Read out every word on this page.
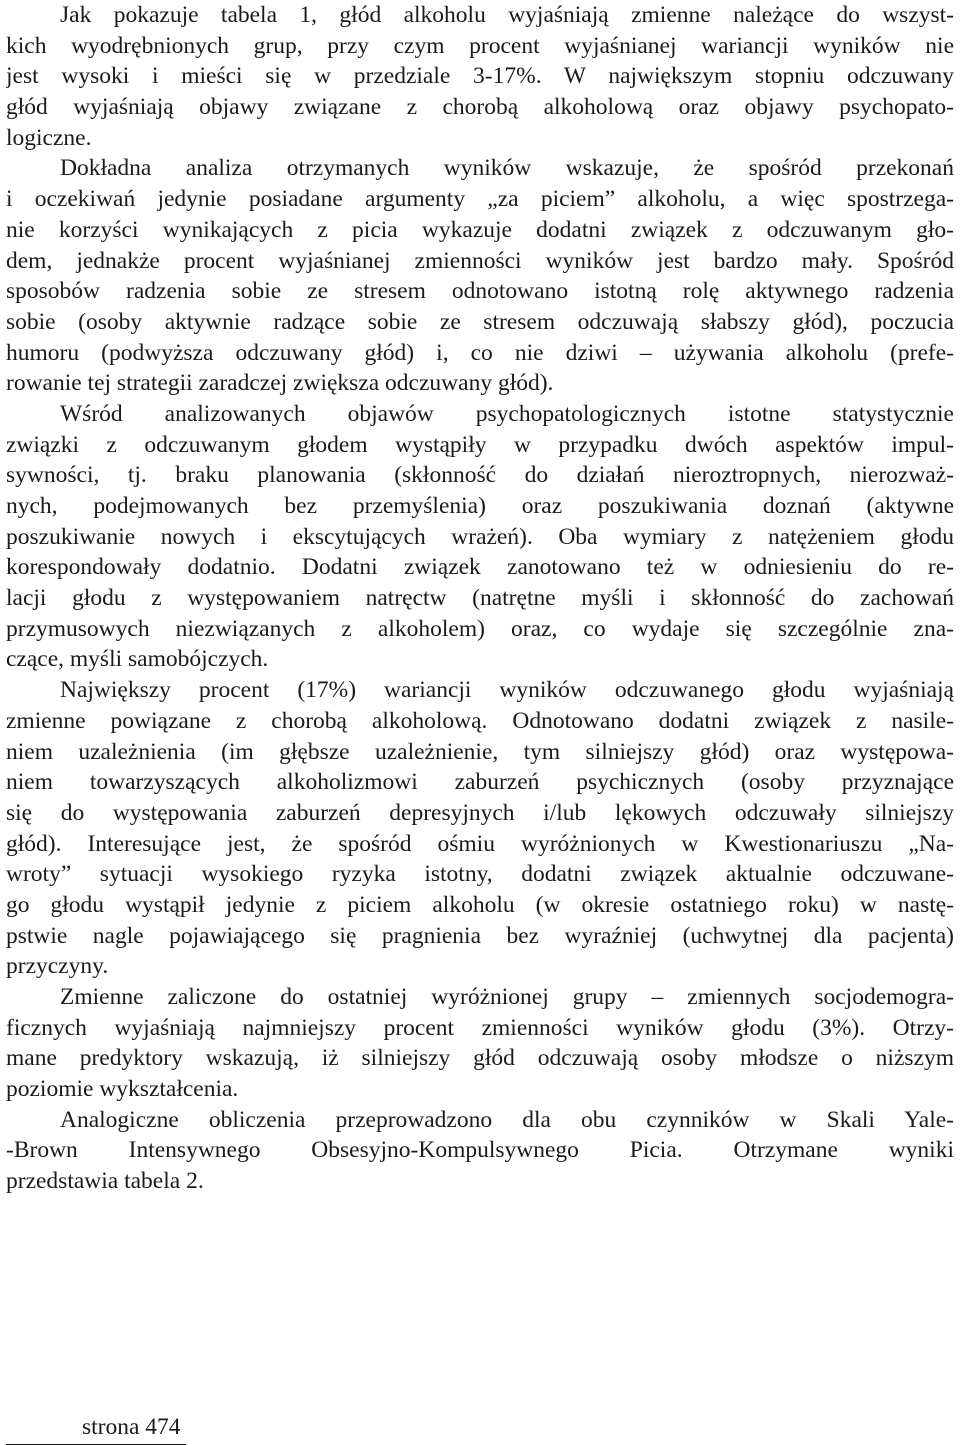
Jak pokazuje tabela 1, głód alkoholu wyjaśniają zmienne należące do wszyst-
kich wyodrębnionych grup, przy czym procent wyjaśnianej wariancji wyników nie
jest wysoki i mieści się w przedziale 3-17%. W największym stopniu odczuwany
głód wyjaśniają objawy związane z chorobą alkoholową oraz objawy psychopato-
logiczne.
Dokładna analiza otrzymanych wyników wskazuje, że spośród przekonań
i oczekiwań jedynie posiadane argumenty „za piciem” alkoholu, a więc spostrzega-
nie korzyści wynikających z picia wykazuje dodatni związek z odczuwanym gło-
dem, jednakże procent wyjaśnianej zmienności wyników jest bardzo mały. Spośród
sposobów radzenia sobie ze stresem odnotowano istotną rolę aktywnego radzenia
sobie (osoby aktywnie radzące sobie ze stresem odczuwają słabszy głód), poczucia
humoru (podwyższa odczuwany głód) i, co nie dziwi – używania alkoholu (prefe-
rowanie tej strategii zaradczej zwiększa odczuwany głód).
Wśród analizowanych objawów psychopatologicznych istotne statystycznie
związki z odczuwanym głodem wystąpiły w przypadku dwóch aspektów impul-
sywności, tj. braku planowania (skłonność do działań nieroztropnych, nierozważ-
nych, podejmowanych bez przemyślenia) oraz poszukiwania doznań (aktywne
poszukiwanie nowych i ekscytujących wrażeń). Oba wymiary z natężeniem głodu
korespondowały dodatnio. Dodatni związek zanotowano też w odniesieniu do re-
lacji głodu z występowaniem natręctw (natrętne myśli i skłonność do zachowań
przymusowych niezwiązanych z alkoholem) oraz, co wydaje się szczególnie zna-
czące, myśli samobójczych.
Największy procent (17%) wariancji wyników odczuwanego głodu wyjaśniają
zmienne powiązane z chorobą alkoholową. Odnotowano dodatni związek z nasile-
niem uzależnienia (im głębsze uzależnienie, tym silniejszy głód) oraz występowa-
niem towarzyszących alkoholizmowi zaburzeń psychicznych (osoby przyznające
się do występowania zaburzeń depresyjnych i/lub lękowych odczuwały silniejszy
głód). Interesujące jest, że spośród ośmiu wyróżnionych w Kwestionariuszu „Na-
wroty” sytuacji wysokiego ryzyka istotny, dodatni związek aktualnie odczuwane-
go głodu wystąpił jedynie z piciem alkoholu (w okresie ostatniego roku) w nastę-
pstwie nagle pojawiającego się pragnienia bez wyraźniej (uchwytnej dla pacjenta)
przyczyny.
Zmienne zaliczone do ostatniej wyróżnionej grupy – zmiennych socjodemogra-
ficznych wyjaśniają najmniejszy procent zmienności wyników głodu (3%). Otrzy-
mane predyktory wskazują, iż silniejszy głód odczuwają osoby młodsze o niższym
poziomie wykształcenia.
Analogiczne obliczenia przeprowadzono dla obu czynników w Skali Yale-
-Brown Intensywnego Obsesyjno-Kompulsywnego Picia. Otrzymane wyniki
przedstawia tabela 2.
strona 474
